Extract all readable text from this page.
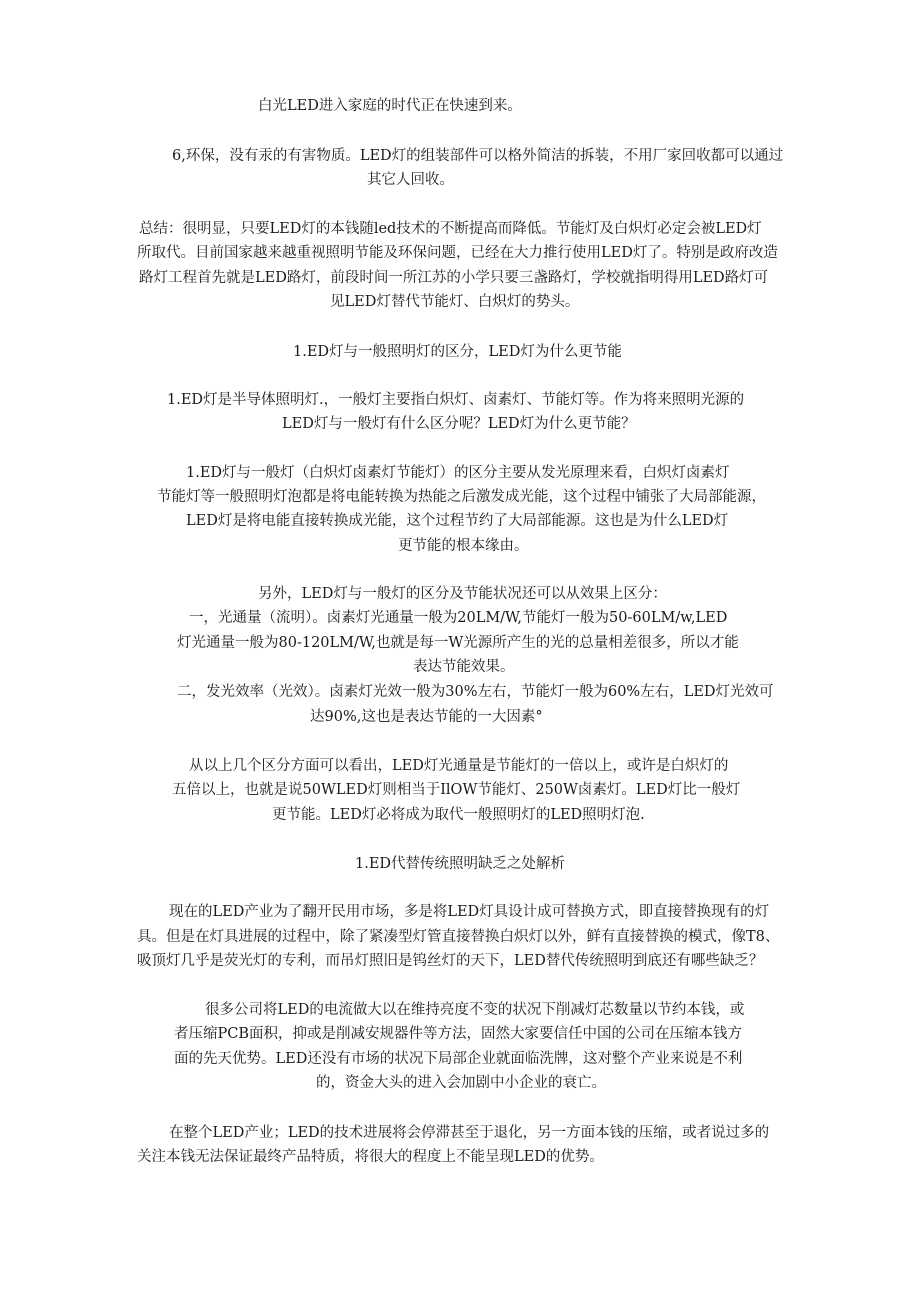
白光LED进入家庭的时代正在快速到来。
6,环保，没有汞的有害物质。LED灯的组装部件可以格外简洁的拆装，不用厂家回收都可以通过
其它人回收。
总结：很明显，只要LED灯的本钱随led技术的不断提高而降低。节能灯及白炽灯必定会被LED灯
所取代。目前国家越来越重视照明节能及环保问题，已经在大力推行使用LED灯了。特别是政府改造
路灯工程首先就是LED路灯，前段时间一所江苏的小学只要三盏路灯，学校就指明得用LED路灯可
见LED灯替代节能灯、白炽灯的势头。
1.ED灯与一般照明灯的区分，LED灯为什么更节能
1.ED灯是半导体照明灯.，一般灯主要指白炽灯、卤素灯、节能灯等。作为将来照明光源的
LED灯与一般灯有什么区分呢？LED灯为什么更节能？
1.ED灯与一般灯（白炽灯卤素灯节能灯）的区分主要从发光原理来看，白炽灯卤素灯
节能灯等一般照明灯泡都是将电能转换为热能之后激发成光能，这个过程中铺张了大局部能源，
LED灯是将电能直接转换成光能，这个过程节约了大局部能源。这也是为什么LED灯
更节能的根本缘由。
另外，LED灯与一般灯的区分及节能状况还可以从效果上区分：
一，光通量（流明）。卤素灯光通量一般为20LM/W,节能灯一般为50-60LM/w,LED
灯光通量一般为80-120LM/W,也就是每一W光源所产生的光的总量相差很多，所以才能
表达节能效果。
二，发光效率（光效）。卤素灯光效一般为30%左右，节能灯一般为60%左右，LED灯光效可
达90%,这也是表达节能的一大因素°
从以上几个区分方面可以看出，LED灯光通量是节能灯的一倍以上，或许是白炽灯的
五倍以上，也就是说50WLED灯则相当于IlOW节能灯、250W卤素灯。LED灯比一般灯
更节能。LED灯必将成为取代一般照明灯的LED照明灯泡.
1.ED代替传统照明缺乏之处解析
现在的LED产业为了翻开民用市场，多是将LED灯具设计成可替换方式，即直接替换现有的灯
具。但是在灯具进展的过程中，除了紧凑型灯管直接替换白炽灯以外，鲜有直接替换的模式，像T8、
吸顶灯几乎是荧光灯的专利，而吊灯照旧是钨丝灯的天下，LED替代传统照明到底还有哪些缺乏？
很多公司将LED的电流做大以在维持亮度不变的状况下削减灯芯数量以节约本钱，或
者压缩PCB面积，抑或是削减安规器件等方法，固然大家要信任中国的公司在压缩本钱方
面的先天优势。LED还没有市场的状况下局部企业就面临洗牌，这对整个产业来说是不利
的，资金大头的进入会加剧中小企业的衰亡。
在整个LED产业；LED的技术进展将会停滞甚至于退化，另一方面本钱的压缩，或者说过多的
关注本钱无法保证最终产品特质，将很大的程度上不能呈现LED的优势。
